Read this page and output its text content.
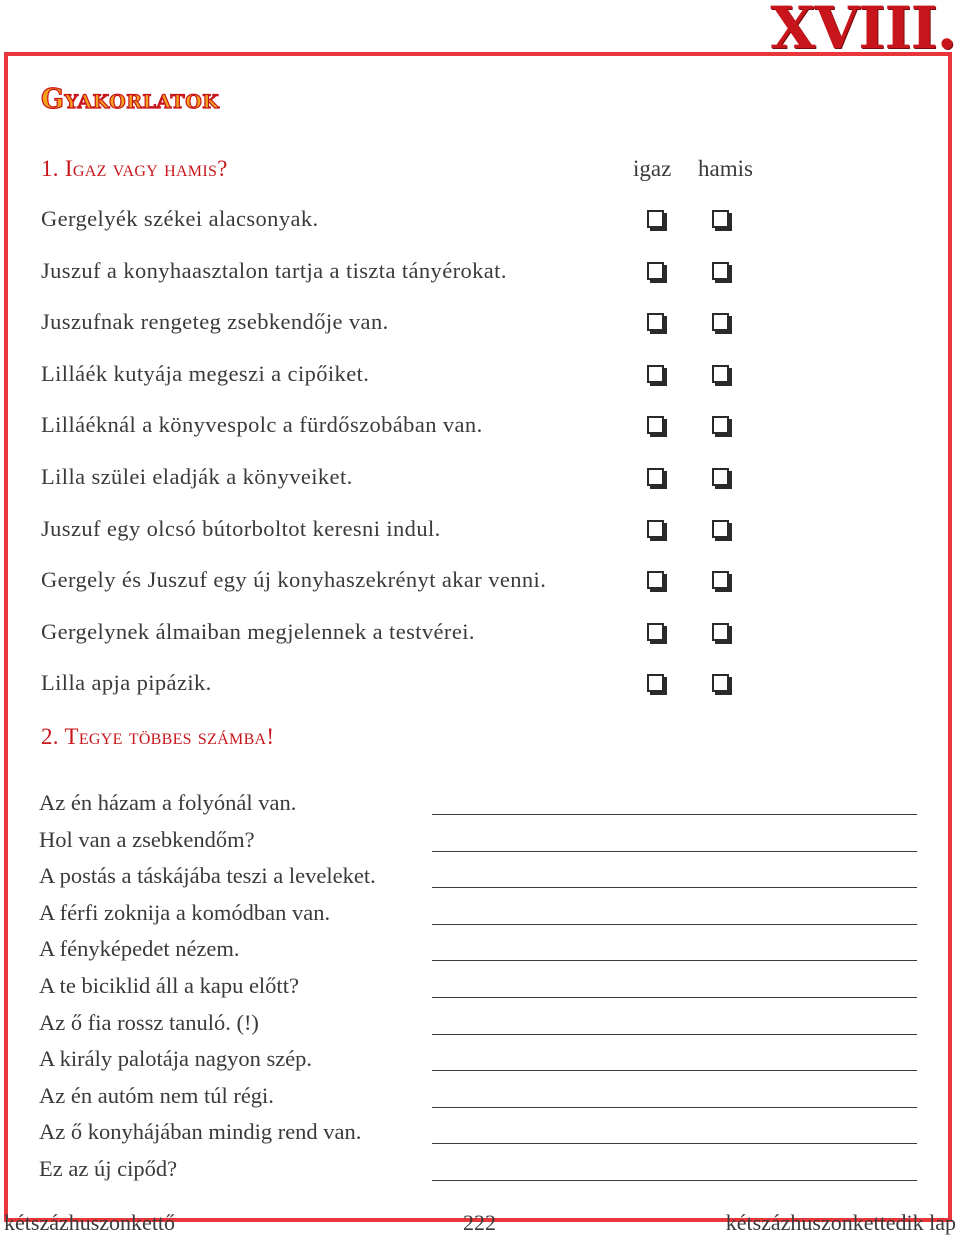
XVIII.
Gyakorlatok
1. Igaz vagy hamis?	igaz hamis
Gergelyék székei alacsonyak.
Juszuf a konyhaasztalon tartja a tiszta tányérokat.
Juszufnak rengeteg zsebkendője van.
Lilláék kutyája megeszi a cipőiket.
Lilláéknál a könyvespolc a fürdőszobában van.
Lilla szülei eladják a könyveiket.
Juszuf egy olcsó bútorboltot keresni indul.
Gergely és Juszuf egy új konyhaszekrényt akar venni.
Gergelynek álmaiban megjelennek a testvérei.
Lilla apja pipázik.
2. Tegye többes számba!
Az én házam a folyónál van.
Hol van a zsebkendőm?
A postás a táskájába teszi a leveleket.
A férfi zoknija a komódban van.
A fényképedet nézem.
A te biciklid áll a kapu előtt?
Az ő fia rossz tanuló. (!)
A király palotája nagyon szép.
Az én autóm nem túl régi.
Az ő konyhájában mindig rend van.
Ez az új cipőd?
kétszázhuszonkettő	222	kétszázhuszonkettedik lap
